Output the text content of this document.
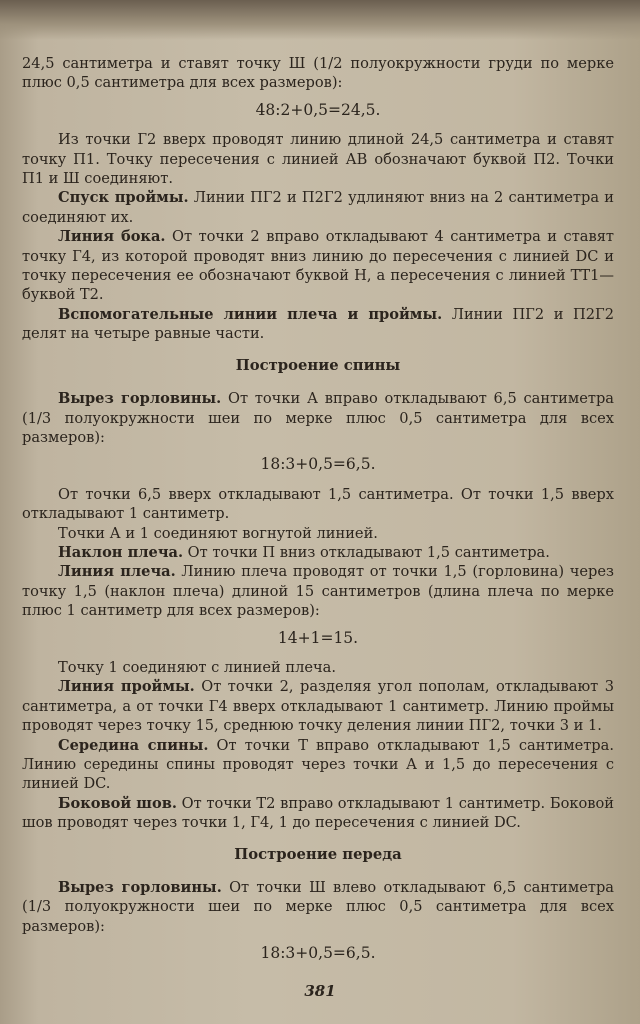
24,5 сантиметра и ставят точку Ш (1/2 полуокружности груди по мерке плюс 0,5 сантиметра для всех размеров):

48:2+0,5=24,5.

Из точки Г2 вверх проводят линию длиной 24,5 сантиметра и ставят точку П1. Точку пересечения с линией АВ обозначают буквой П2. Точки П1 и Ш соединяют.

Спуск проймы. Линии ПГ2 и П2Г2 удлиняют вниз на 2 сантиметра и соединяют их.

Линия бока. От точки 2 вправо откладывают 4 сантиметра и ставят точку Г4, из которой проводят вниз линию до пересечения с линией DC и точку пересечения ее обозначают буквой Н, а пересечения с линией ТТ1— буквой Т2.

Вспомогательные линии плеча и проймы. Линии ПГ2 и П2Г2 делят на четыре равные части.

Построение спины

Вырез горловины. От точки А вправо откладывают 6,5 сантиметра (1/3 полуокружности шеи по мерке плюс 0,5 сантиметра для всех размеров):

18:3+0,5=6,5.

От точки 6,5 вверх откладывают 1,5 сантиметра. От точки 1,5 вверх откладывают 1 сантиметр.

Точки А и 1 соединяют вогнутой линией.

Наклон плеча. От точки П вниз откладывают 1,5 сантиметра.

Линия плеча. Линию плеча проводят от точки 1,5 (горловина) через точку 1,5 (наклон плеча) длиной 15 сантиметров (длина плеча по мерке плюс 1 сантиметр для всех размеров):

14+1=15.

Точку 1 соединяют с линией плеча.

Линия проймы. От точки 2, разделяя угол пополам, откладывают 3 сантиметра, а от точки Г4 вверх откладывают 1 сантиметр. Линию проймы проводят через точку 15, среднюю точку деления линии ПГ2, точки 3 и 1.

Середина спины. От точки Т вправо откладывают 1,5 сантиметра. Линию середины спины проводят через точки А и 1,5 до пересечения с линией DC.

Боковой шов. От точки Т2 вправо откладывают 1 сантиметр. Боковой шов проводят через точки 1, Г4, 1 до пересечения с линией DC.

Построение переда

Вырез горловины. От точки Ш влево откладывают 6,5 сантиметра (1/3 полуокружности шеи по мерке плюс 0,5 сантиметра для всех размеров):

18:3+0,5=6,5.
381
